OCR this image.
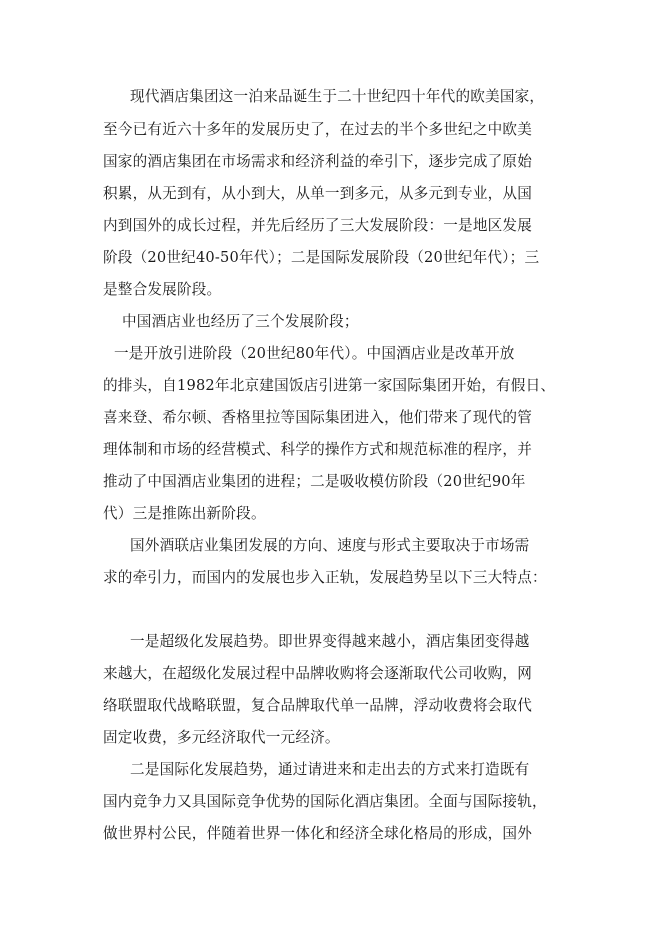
现代酒店集团这一泊来品诞生于二十世纪四十年代的欧美国家，
至今已有近六十多年的发展历史了，在过去的半个多世纪之中欧美
国家的酒店集团在市场需求和经济利益的牵引下，逐步完成了原始
积累，从无到有，从小到大，从单一到多元，从多元到专业，从国
内到国外的成长过程，并先后经历了三大发展阶段：一是地区发展
阶段（20世纪40-50年代）；二是国际发展阶段（20世纪年代）；三
是整合发展阶段。
中国酒店业也经历了三个发展阶段；
一是开放引进阶段（20世纪80年代）。中国酒店业是改革开放
的排头，自1982年北京建国饭店引进第一家国际集团开始，有假日、
喜来登、希尔顿、香格里拉等国际集团进入，他们带来了现代的管
理体制和市场的经营模式、科学的操作方式和规范标准的程序，并
推动了中国酒店业集团的进程；二是吸收模仿阶段（20世纪90年
代）三是推陈出新阶段。
国外酒联店业集团发展的方向、速度与形式主要取决于市场需
求的牵引力，而国内的发展也步入正轨，发展趋势呈以下三大特点：
一是超级化发展趋势。即世界变得越来越小，酒店集团变得越
来越大，在超级化发展过程中品牌收购将会逐渐取代公司收购，网
络联盟取代战略联盟，复合品牌取代单一品牌，浮动收费将会取代
固定收费，多元经济取代一元经济。
二是国际化发展趋势，通过请进来和走出去的方式来打造既有
国内竞争力又具国际竞争优势的国际化酒店集团。全面与国际接轨，
做世界村公民，伴随着世界一体化和经济全球化格局的形成，国外
